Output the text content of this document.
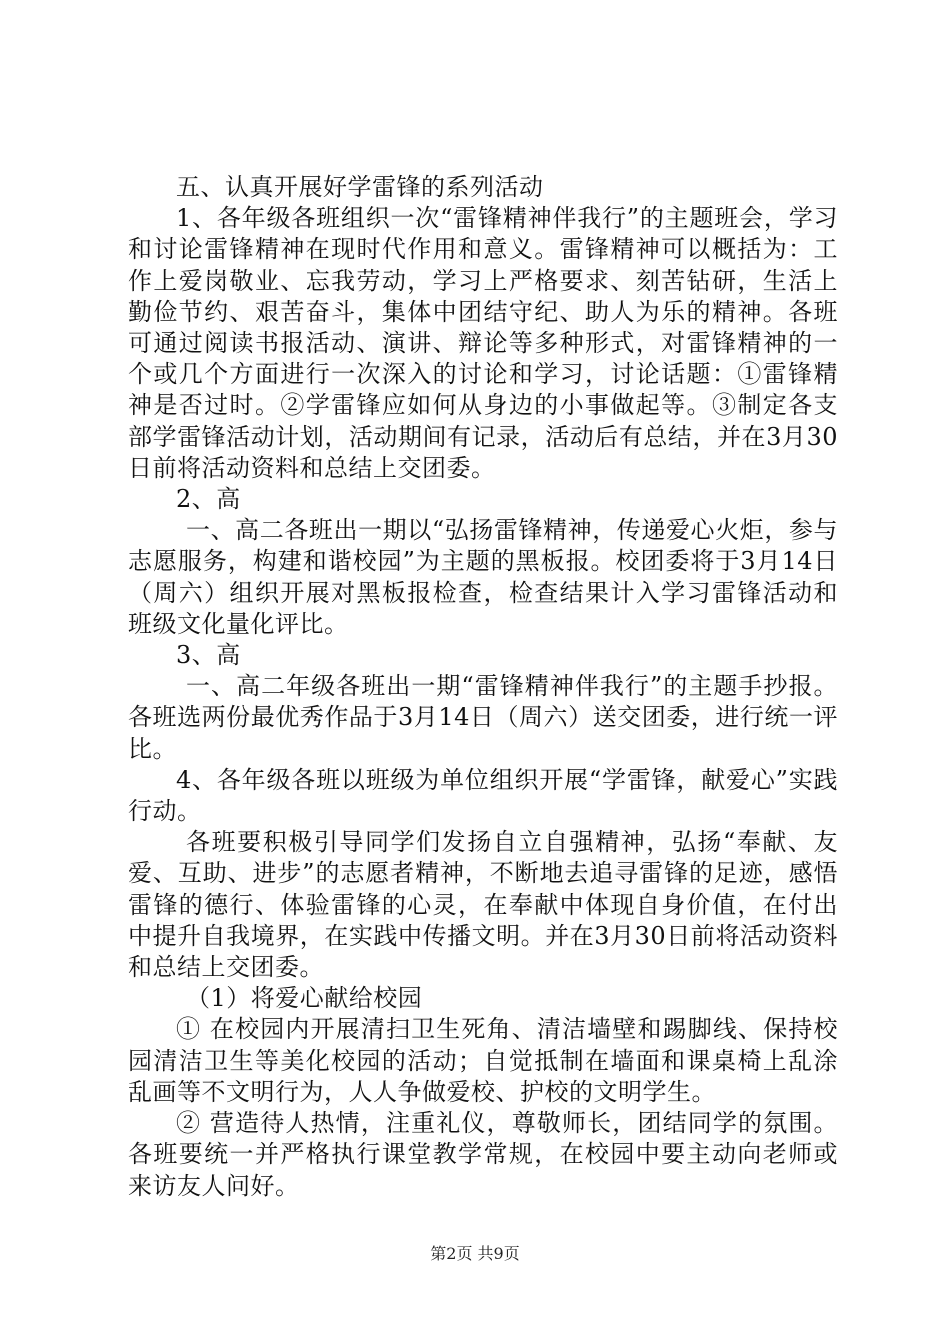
五、认真开展好学雷锋的系列活动

1、各年级各班组织一次“雷锋精神伴我行”的主题班会，学习和讨论雷锋精神在现时代作用和意义。雷锋精神可以概括为：工作上爱岗敬业、忘我劳动，学习上严格要求、刻苦钻研，生活上勤俭节约、艰苦奋斗，集体中团结守纪、助人为乐的精神。各班可通过阅读书报活动、演讲、辩论等多种形式，对雷锋精神的一个或几个方面进行一次深入的讨论和学习，讨论话题：①雷锋精神是否过时。②学雷锋应如何从身边的小事做起等。③制定各支部学雷锋活动计划，活动期间有记录，活动后有总结，并在3月30日前将活动资料和总结上交团委。

2、高

一、高二各班出一期以“弘扬雷锋精神，传递爱心火炬，参与志愿服务，构建和谐校园”为主题的黑板报。校团委将于3月14日（周六）组织开展对黑板报检查，检查结果计入学习雷锋活动和班级文化量化评比。

3、高

一、高二年级各班出一期“雷锋精神伴我行”的主题手抄报。各班选两份最优秀作品于3月14日（周六）送交团委，进行统一评比。

4、各年级各班以班级为单位组织开展“学雷锋，献爱心”实践行动。

各班要积极引导同学们发扬自立自强精神，弘扬“奉献、友爱、互助、进步”的志愿者精神，不断地去追寻雷锋的足迹，感悟雷锋的德行、体验雷锋的心灵，在奉献中体现自身价值，在付出中提升自我境界，在实践中传播文明。并在3月30日前将活动资料和总结上交团委。

（1）将爱心献给校园

① 在校园内开展清扫卫生死角、清洁墙壁和踢脚线、保持校园清洁卫生等美化校园的活动；自觉抵制在墙面和课桌椅上乱涂乱画等不文明行为，人人争做爱校、护校的文明学生。

② 营造待人热情，注重礼仪，尊敬师长，团结同学的氛围。各班要统一并严格执行课堂教学常规，在校园中要主动向老师或来访友人问好。

第2页 共9页
